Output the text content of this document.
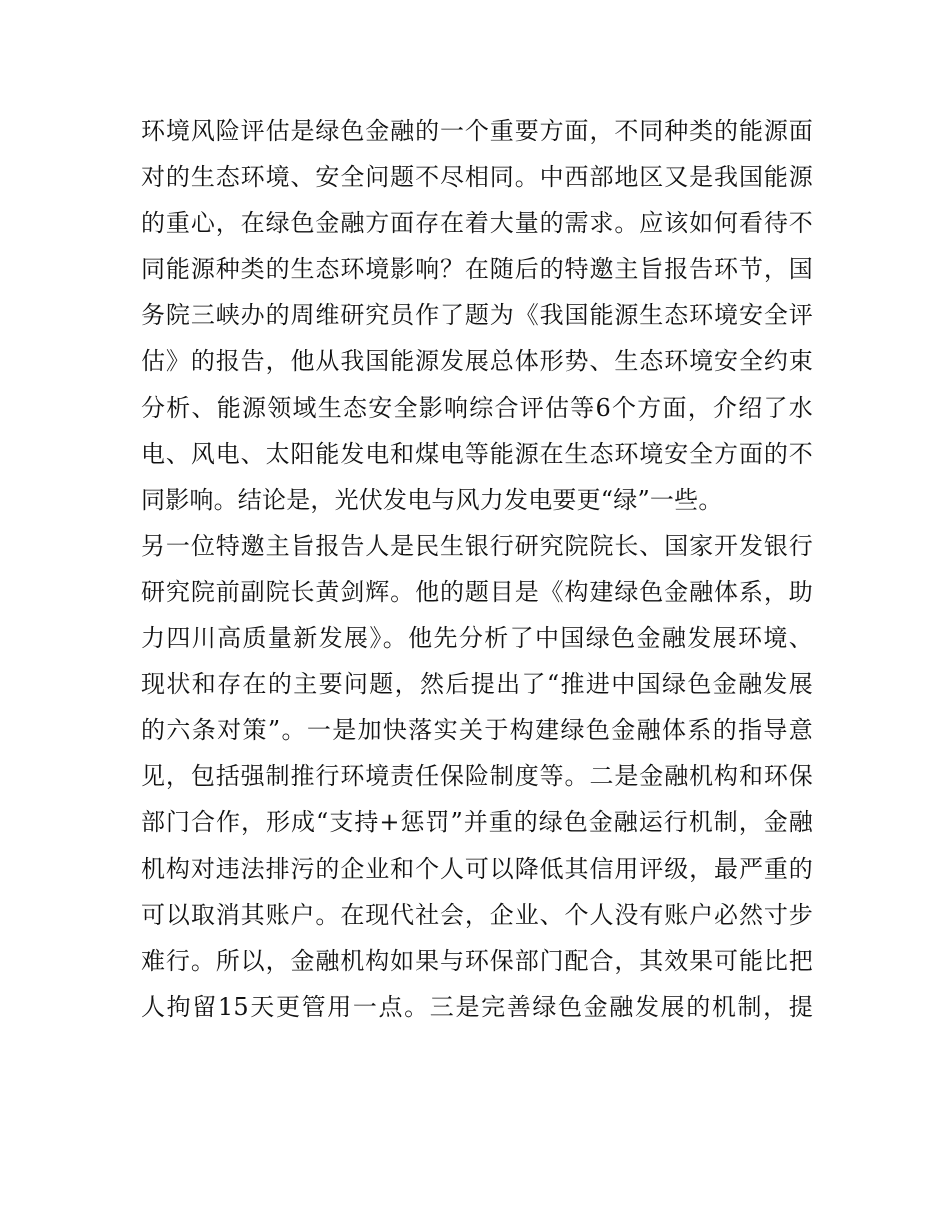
环境风险评估是绿色金融的一个重要方面，不同种类的能源面
对的生态环境、安全问题不尽相同。中西部地区又是我国能源
的重心，在绿色金融方面存在着大量的需求。应该如何看待不
同能源种类的生态环境影响？在随后的特邀主旨报告环节，国
务院三峡办的周维研究员作了题为《我国能源生态环境安全评
估》的报告，他从我国能源发展总体形势、生态环境安全约束
分析、能源领域生态安全影响综合评估等6个方面，介绍了水
电、风电、太阳能发电和煤电等能源在生态环境安全方面的不
同影响。结论是，光伏发电与风力发电要更“绿”一些。
另一位特邀主旨报告人是民生银行研究院院长、国家开发银行
研究院前副院长黄剑辉。他的题目是《构建绿色金融体系，助
力四川高质量新发展》。他先分析了中国绿色金融发展环境、
现状和存在的主要问题，然后提出了“推进中国绿色金融发展
的六条对策”。一是加快落实关于构建绿色金融体系的指导意
见，包括强制推行环境责任保险制度等。二是金融机构和环保
部门合作，形成“支持+惩罚”并重的绿色金融运行机制，金融
机构对违法排污的企业和个人可以降低其信用评级，最严重的
可以取消其账户。在现代社会，企业、个人没有账户必然寸步
难行。所以，金融机构如果与环保部门配合，其效果可能比把
人拘留15天更管用一点。三是完善绿色金融发展的机制，提
